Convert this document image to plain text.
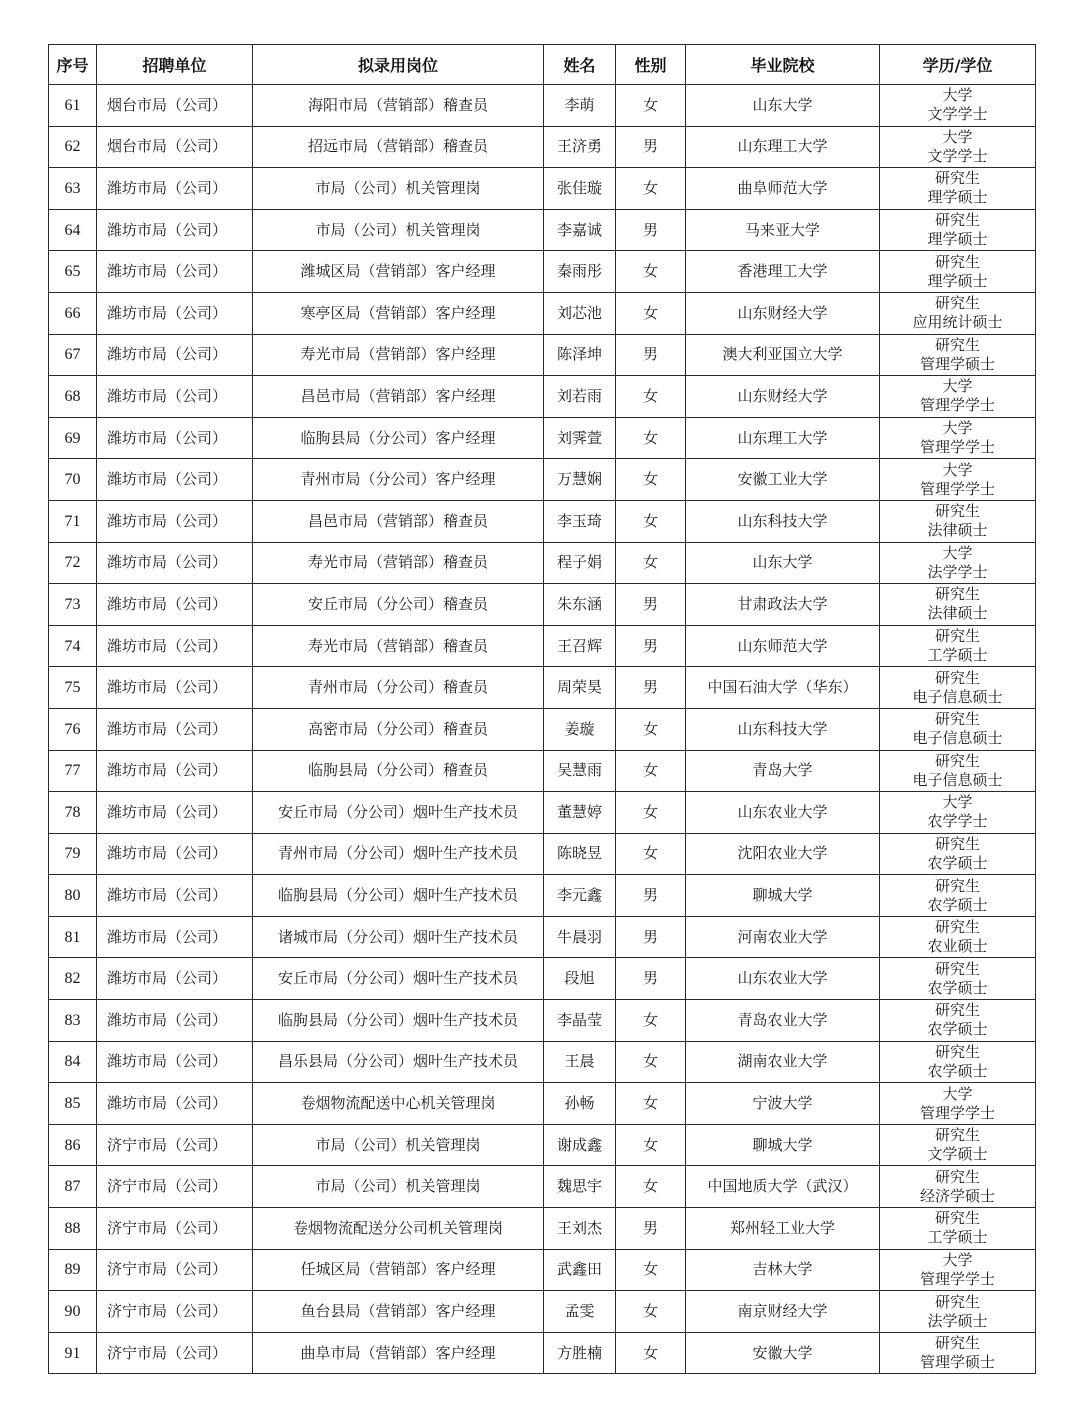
序号	招聘单位	拟录用岗位	姓名	性别	毕业院校	学历/学位
61	烟台市局（公司）	海阳市局（营销部）稽查员	李萌	女	山东大学	大学
文学学士

62	烟台市局（公司）	招远市局（营销部）稽查员	王济勇	男	山东理工大学	大学
文学学士

63	潍坊市局（公司）	市局（公司）机关管理岗	张佳璇	女	曲阜师范大学	研究生
理学硕士

64	潍坊市局（公司）	市局（公司）机关管理岗	李嘉诚	男	马来亚大学	研究生
理学硕士

65	潍坊市局（公司）	潍城区局（营销部）客户经理	秦雨彤	女	香港理工大学	研究生
理学硕士

66	潍坊市局（公司）	寒亭区局（营销部）客户经理	刘芯池	女	山东财经大学	研究生
应用统计硕士

67	潍坊市局（公司）	寿光市局（营销部）客户经理	陈泽坤	男	澳大利亚国立大学	研究生
管理学硕士

68	潍坊市局（公司）	昌邑市局（营销部）客户经理	刘若雨	女	山东财经大学	大学
管理学学士

69	潍坊市局（公司）	临朐县局（分公司）客户经理	刘霁萱	女	山东理工大学	大学
管理学学士

70	潍坊市局（公司）	青州市局（分公司）客户经理	万慧娴	女	安徽工业大学	大学
管理学学士

71	潍坊市局（公司）	昌邑市局（营销部）稽查员	李玉琦	女	山东科技大学	研究生
法律硕士

72	潍坊市局（公司）	寿光市局（营销部）稽查员	程子娟	女	山东大学	大学
法学学士

73	潍坊市局（公司）	安丘市局（分公司）稽查员	朱东涵	男	甘肃政法大学	研究生
法律硕士

74	潍坊市局（公司）	寿光市局（营销部）稽查员	王召辉	男	山东师范大学	研究生
工学硕士

75	潍坊市局（公司）	青州市局（分公司）稽查员	周荣昊	男	中国石油大学（华东）	研究生
电子信息硕士

76	潍坊市局（公司）	高密市局（分公司）稽查员	姜璇	女	山东科技大学	研究生
电子信息硕士

77	潍坊市局（公司）	临朐县局（分公司）稽查员	吴慧雨	女	青岛大学	研究生
电子信息硕士

78	潍坊市局（公司）	安丘市局（分公司）烟叶生产技术员	董慧婷	女	山东农业大学	大学
农学学士

79	潍坊市局（公司）	青州市局（分公司）烟叶生产技术员	陈晓昱	女	沈阳农业大学	研究生
农学硕士

80	潍坊市局（公司）	临朐县局（分公司）烟叶生产技术员	李元鑫	男	聊城大学	研究生
农学硕士

81	潍坊市局（公司）	诸城市局（分公司）烟叶生产技术员	牛晨羽	男	河南农业大学	研究生
农业硕士

82	潍坊市局（公司）	安丘市局（分公司）烟叶生产技术员	段旭	男	山东农业大学	研究生
农学硕士

83	潍坊市局（公司）	临朐县局（分公司）烟叶生产技术员	李晶莹	女	青岛农业大学	研究生
农学硕士

84	潍坊市局（公司）	昌乐县局（分公司）烟叶生产技术员	王晨	女	湖南农业大学	研究生
农学硕士

85	潍坊市局（公司）	卷烟物流配送中心机关管理岗	孙畅	女	宁波大学	大学
管理学学士

86	济宁市局（公司）	市局（公司）机关管理岗	谢成鑫	女	聊城大学	研究生
文学硕士

87	济宁市局（公司）	市局（公司）机关管理岗	魏思宇	女	中国地质大学（武汉）	研究生
经济学硕士

88	济宁市局（公司）	卷烟物流配送分公司机关管理岗	王刘杰	男	郑州轻工业大学	研究生
工学硕士

89	济宁市局（公司）	任城区局（营销部）客户经理	武鑫田	女	吉林大学	大学
管理学学士

90	济宁市局（公司）	鱼台县局（营销部）客户经理	孟雯	女	南京财经大学	研究生
法学硕士

91	济宁市局（公司）	曲阜市局（营销部）客户经理	方胜楠	女	安徽大学	研究生
管理学硕士
